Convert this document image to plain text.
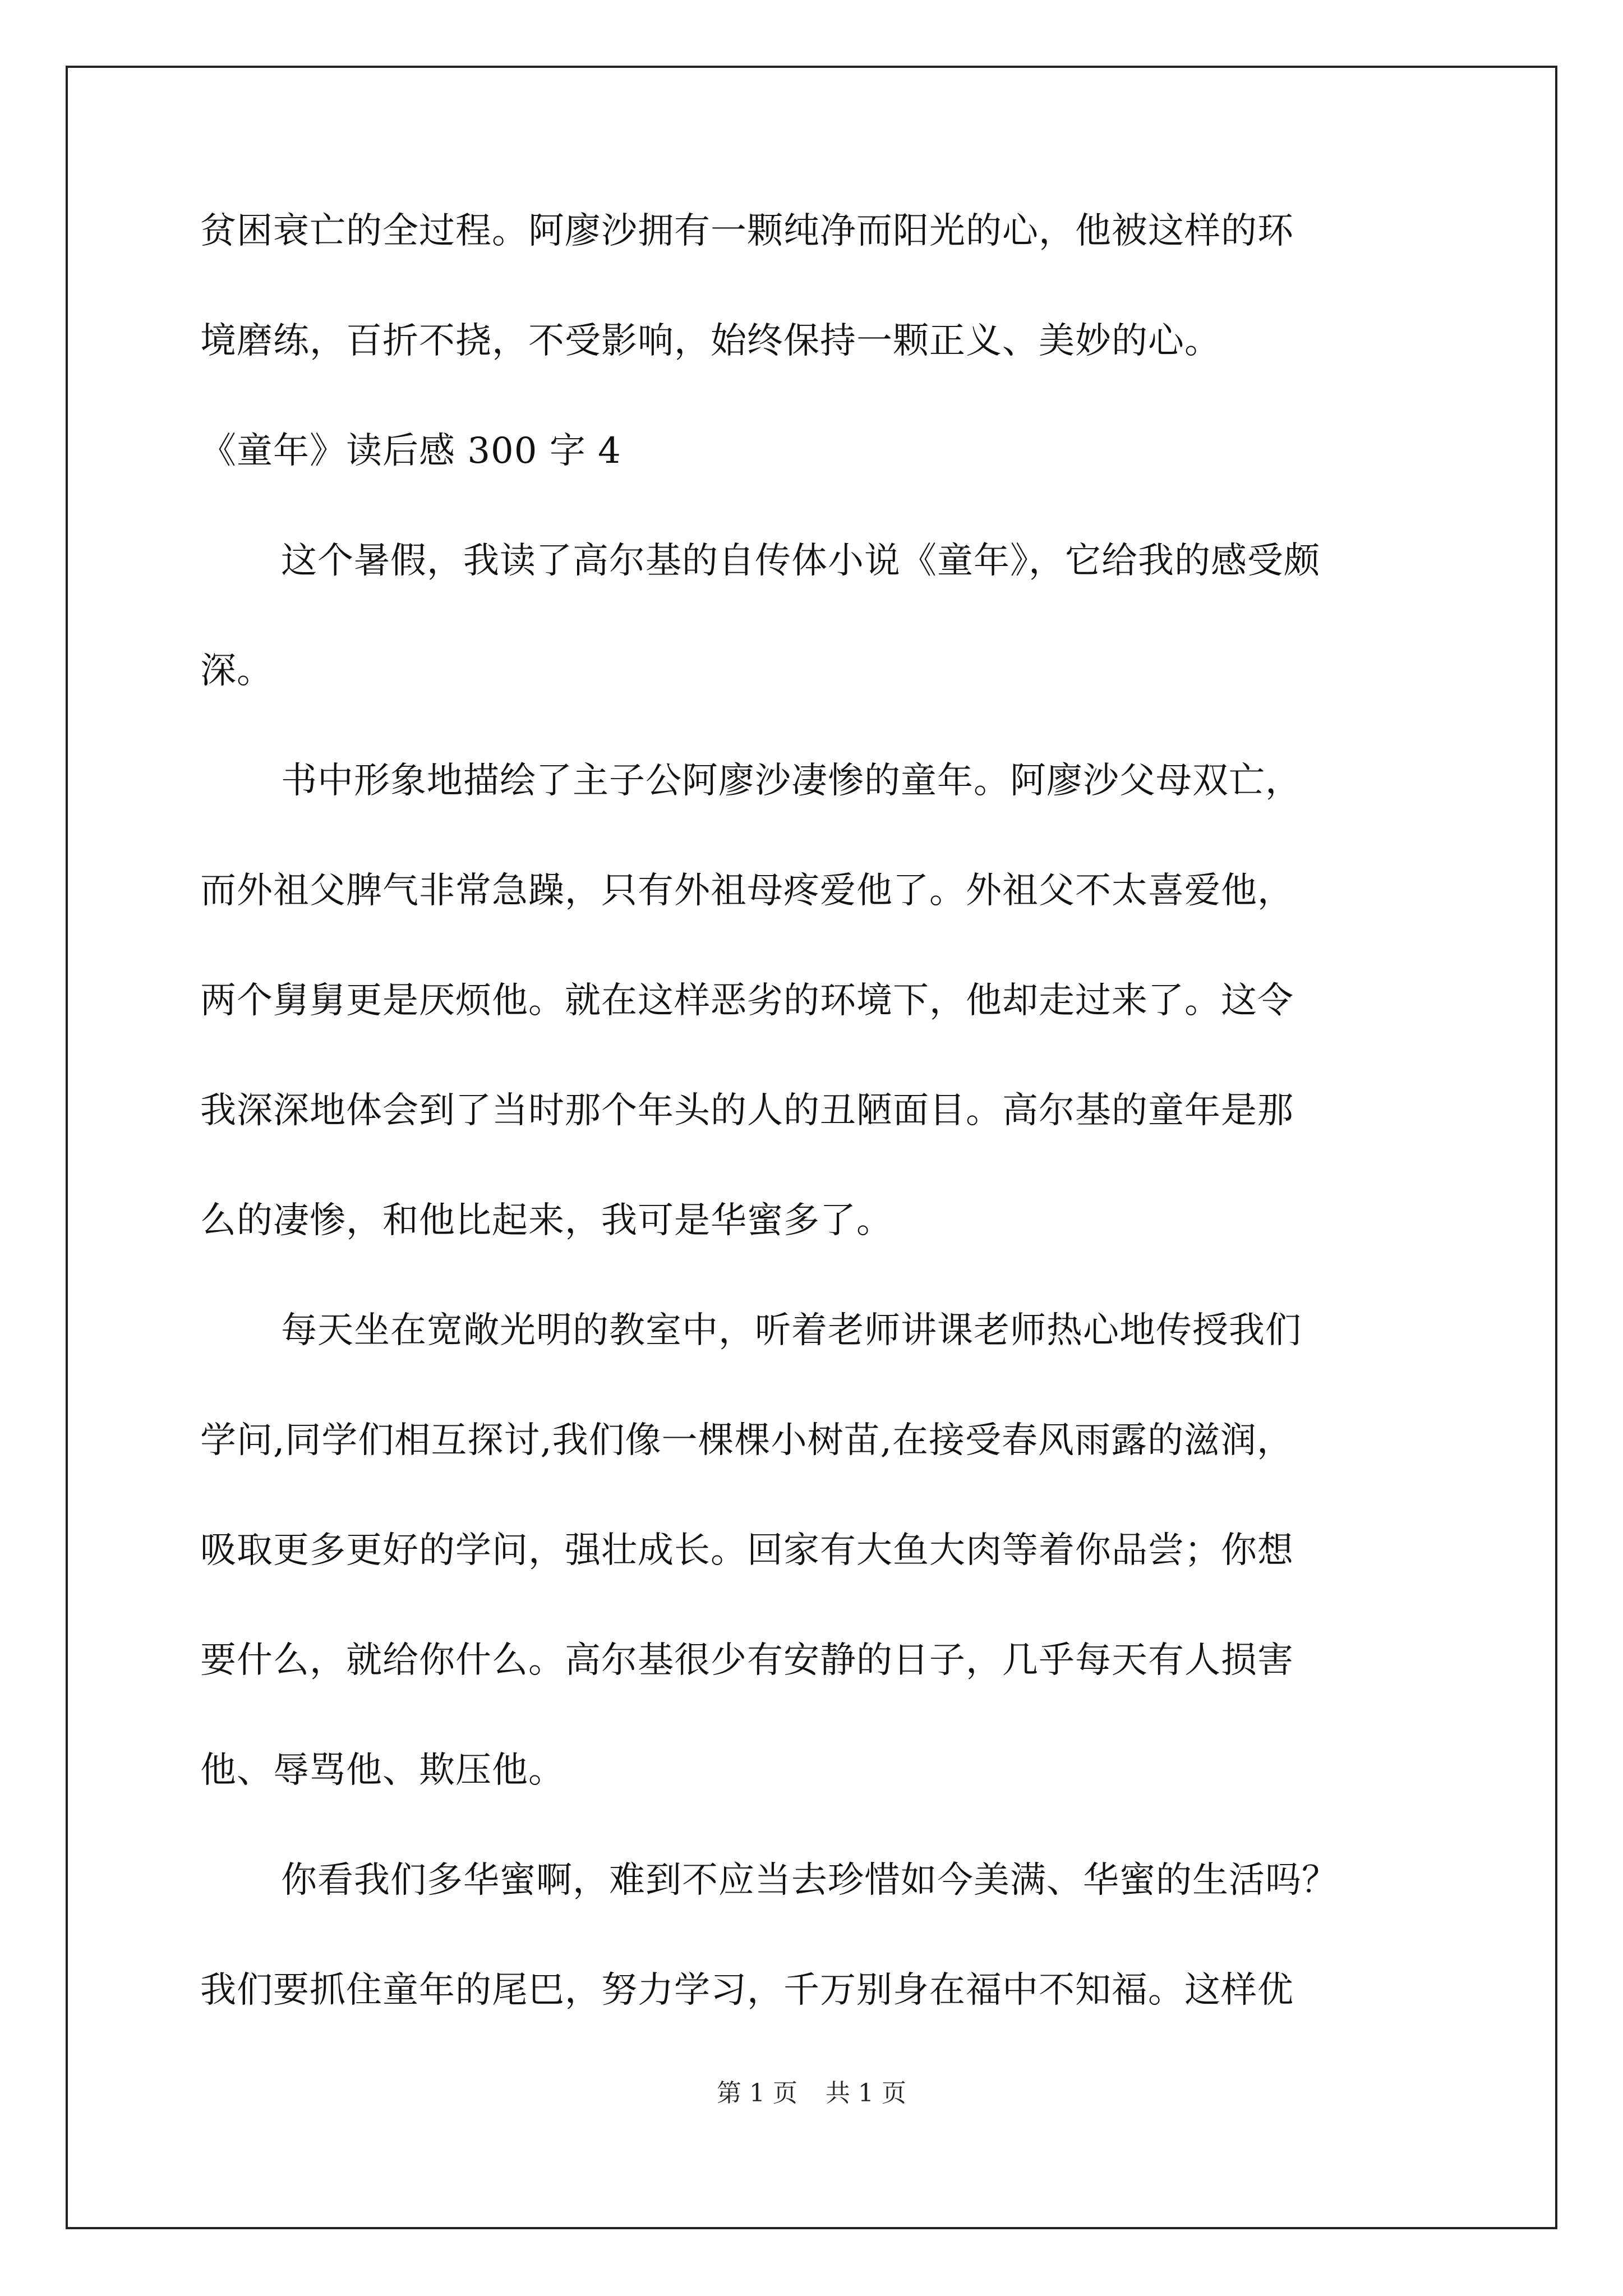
贫困衰亡的全过程。阿廖沙拥有一颗纯净而阳光的心，他被这样的环

境磨练，百折不挠，不受影响，始终保持一颗正义、美妙的心。

《童年》读后感 300 字 4

这个暑假，我读了高尔基的自传体小说《童年》，它给我的感受颇

深。

书中形象地描绘了主子公阿廖沙凄惨的童年。阿廖沙父母双亡，

而外祖父脾气非常急躁，只有外祖母疼爱他了。外祖父不太喜爱他，

两个舅舅更是厌烦他。就在这样恶劣的环境下，他却走过来了。这令

我深深地体会到了当时那个年头的人的丑陋面目。高尔基的童年是那

么的凄惨，和他比起来，我可是华蜜多了。

每天坐在宽敞光明的教室中，听着老师讲课老师热心地传授我们

学问,同学们相互探讨,我们像一棵棵小树苗,在接受春风雨露的滋润，

吸取更多更好的学问，强壮成长。回家有大鱼大肉等着你品尝；你想

要什么，就给你什么。高尔基很少有安静的日子，几乎每天有人损害

他、辱骂他、欺压他。

你看我们多华蜜啊，难到不应当去珍惜如今美满、华蜜的生活吗？

我们要抓住童年的尾巴，努力学习，千万别身在福中不知福。这样优

第 1 页 共 1 页
